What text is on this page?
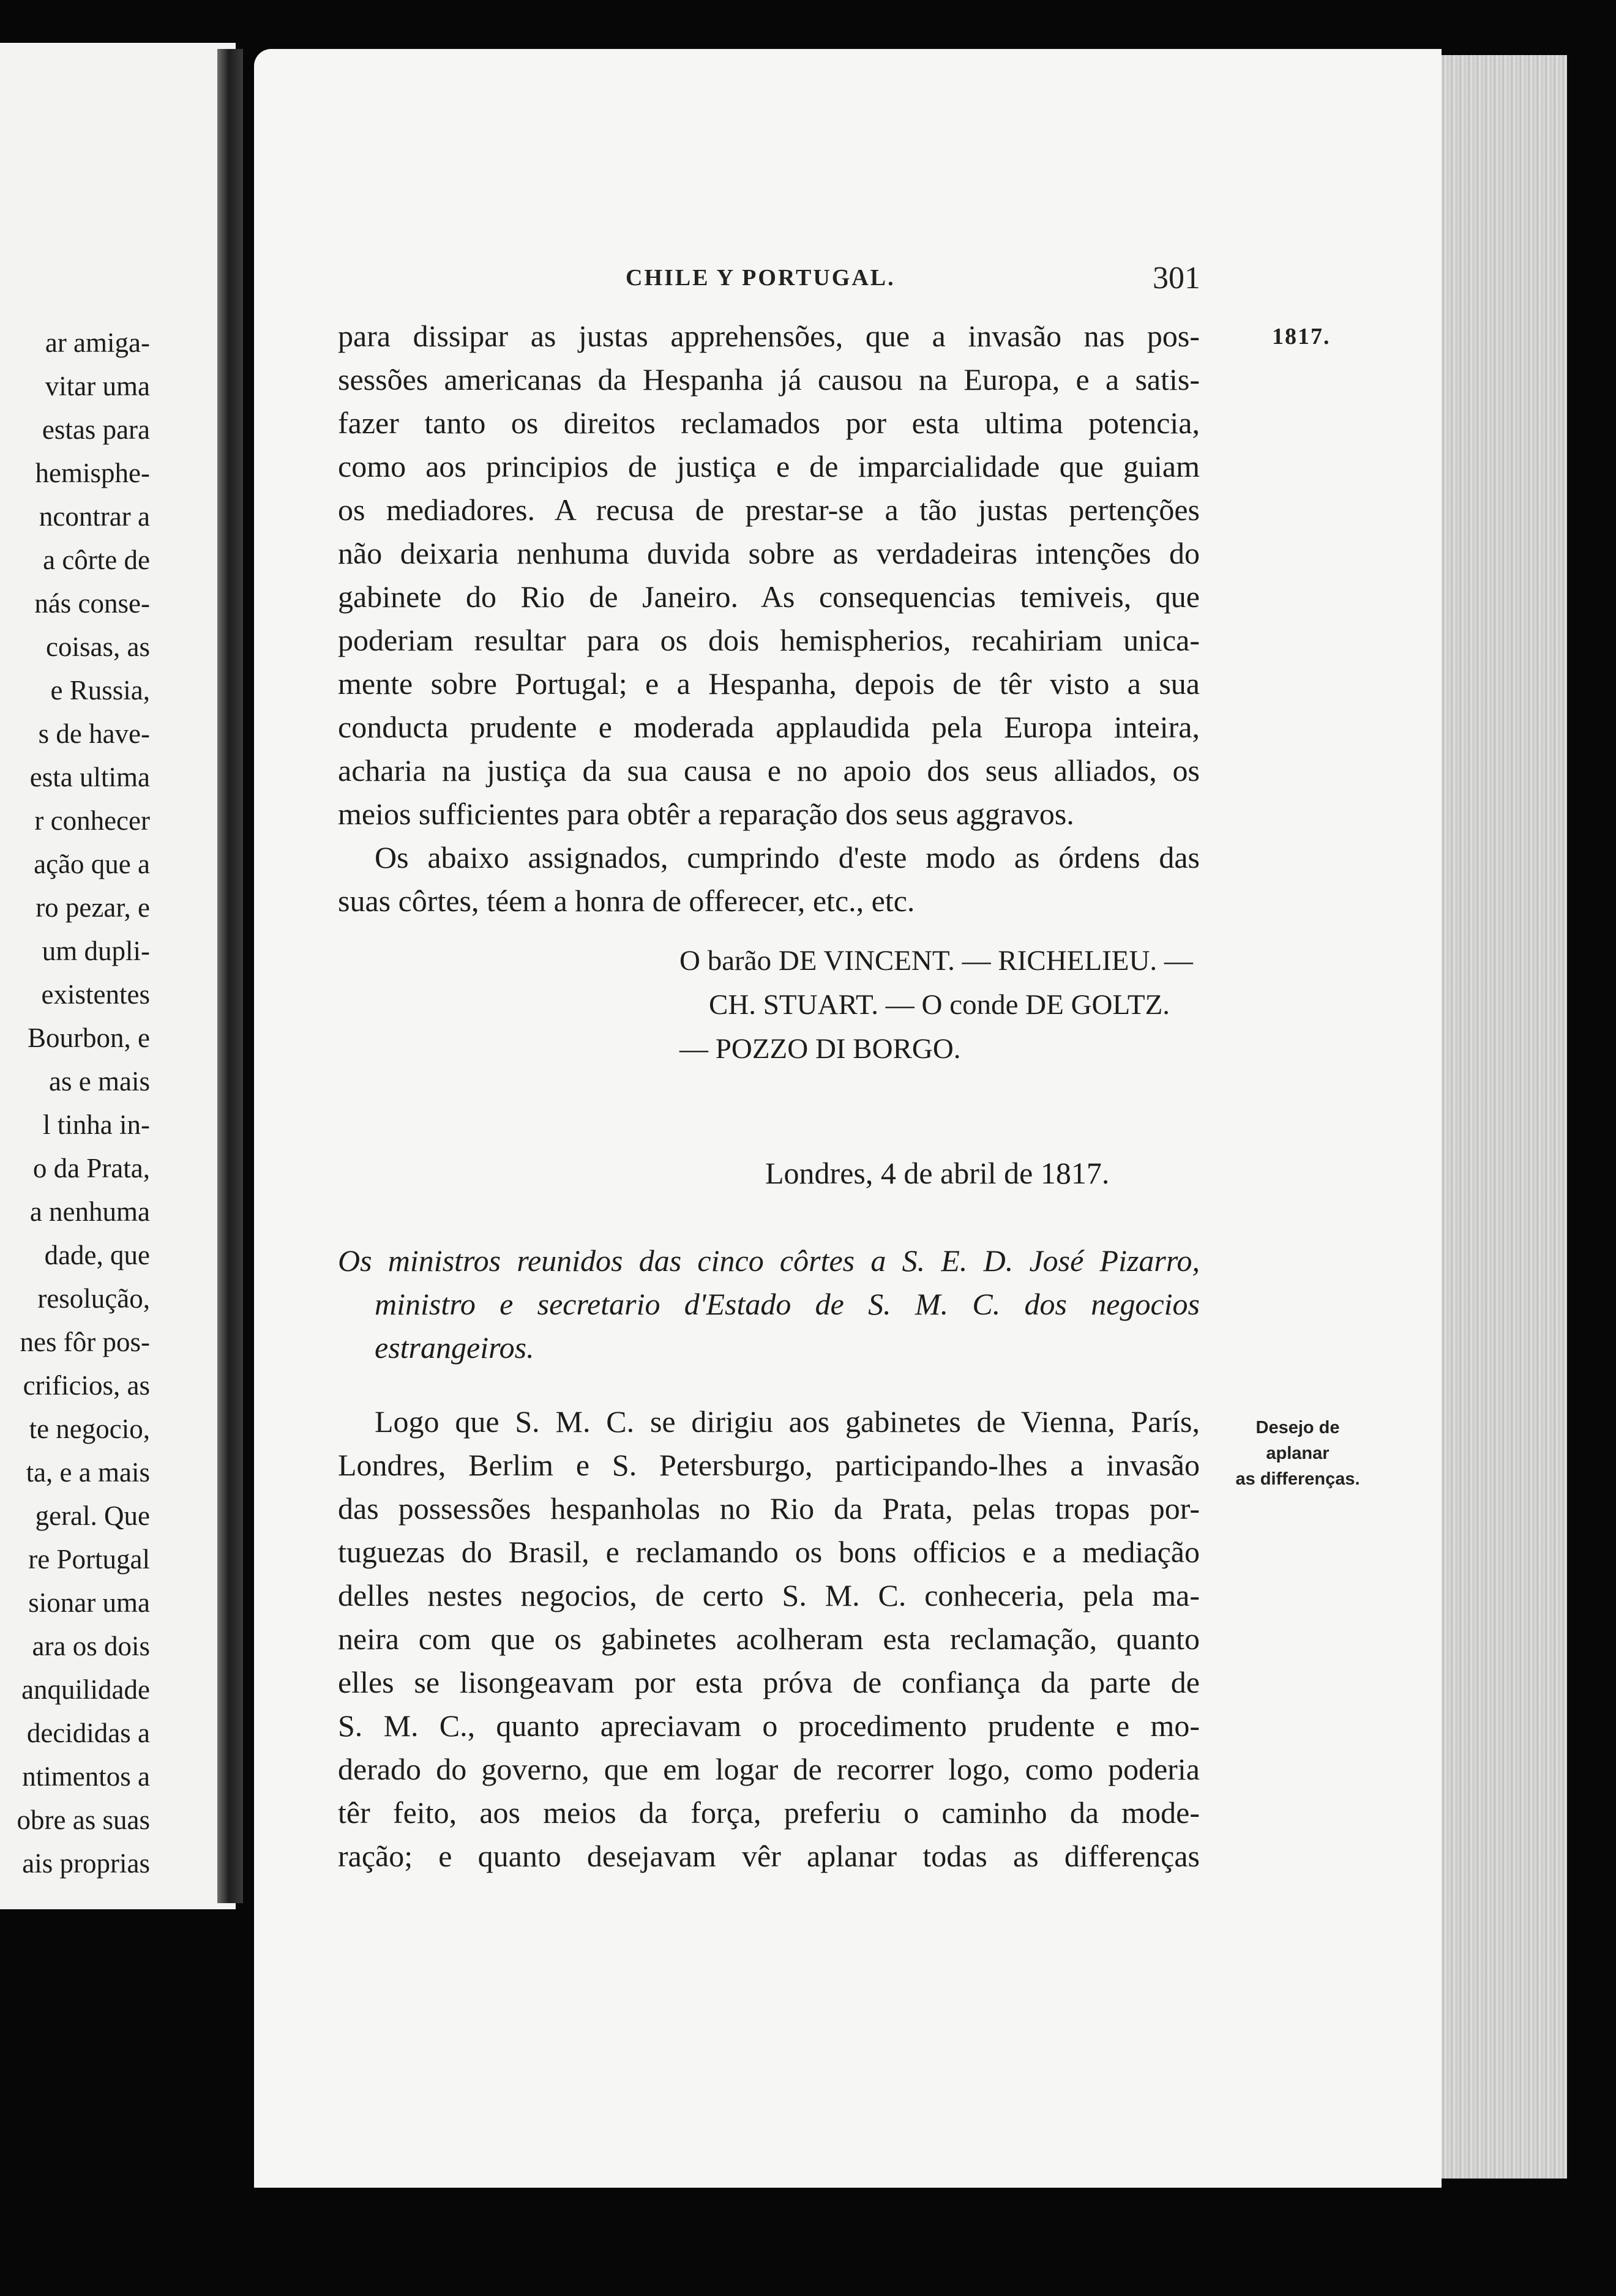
ar amiga-
vitar uma
estas para
hemisphe-
ncontrar a
a côrte de
nás conse-
coisas, as
e Russia,
s de have-
esta ultima
r conhecer
ação que a
ro pezar, e
um dupli-
existentes
Bourbon, e
as e mais
l tinha in-
o da Prata,
a nenhuma
dade, que
resolução,
nes fôr pos-
crificios, as
te negocio,
ta, e a mais
geral. Que
re Portugal
sionar uma
ara os dois
anquilidade
decididas a
ntimentos a
obre as suas
ais proprias
CHILE Y PORTUGAL.	301
1817.
para dissipar as justas apprehensões, que a invasão nas pos-
sessões americanas da Hespanha já causou na Europa, e a satis-
fazer tanto os direitos reclamados por esta ultima potencia,
como aos principios de justiça e de imparcialidade que guiam
os mediadores. A recusa de prestar-se a tão justas pertenções
não deixaria nenhuma duvida sobre as verdadeiras intenções do
gabinete do Rio de Janeiro. As consequencias temiveis, que
poderiam resultar para os dois hemispherios, recahiriam unica-
mente sobre Portugal; e a Hespanha, depois de têr visto a sua
conducta prudente e moderada applaudida pela Europa inteira,
acharia na justiça da sua causa e no apoio dos seus alliados, os
meios sufficientes para obtêr a reparação dos seus aggravos.
Os abaixo assignados, cumprindo d'este modo as órdens das
suas côrtes, téem a honra de offerecer, etc., etc.
O barão DE VINCENT. — RICHELIEU. —
CH. STUART. — O conde DE GOLTZ.
— POZZO DI BORGO.
Londres, 4 de abril de 1817.
Os ministros reunidos das cinco côrtes a S. E. D. José Pizarro,
ministro e secretario d'Estado de S. M. C. dos negocios
estrangeiros.
Logo que S. M. C. se dirigiu aos gabinetes de Vienna, París,
Londres, Berlim e S. Petersburgo, participando-lhes a invasão
das possessões hespanholas no Rio da Prata, pelas tropas por-
tuguezas do Brasil, e reclamando os bons officios e a mediação
delles nestes negocios, de certo S. M. C. conheceria, pela ma-
neira com que os gabinetes acolheram esta reclamação, quanto
elles se lisongeavam por esta próva de confiança da parte de
S. M. C., quanto apreciavam o procedimento prudente e mo-
derado do governo, que em logar de recorrer logo, como poderia
têr feito, aos meios da força, preferiu o caminho da mode-
ração; e quanto desejavam vêr aplanar todas as differenças
Desejo de aplanar
as differenças.
